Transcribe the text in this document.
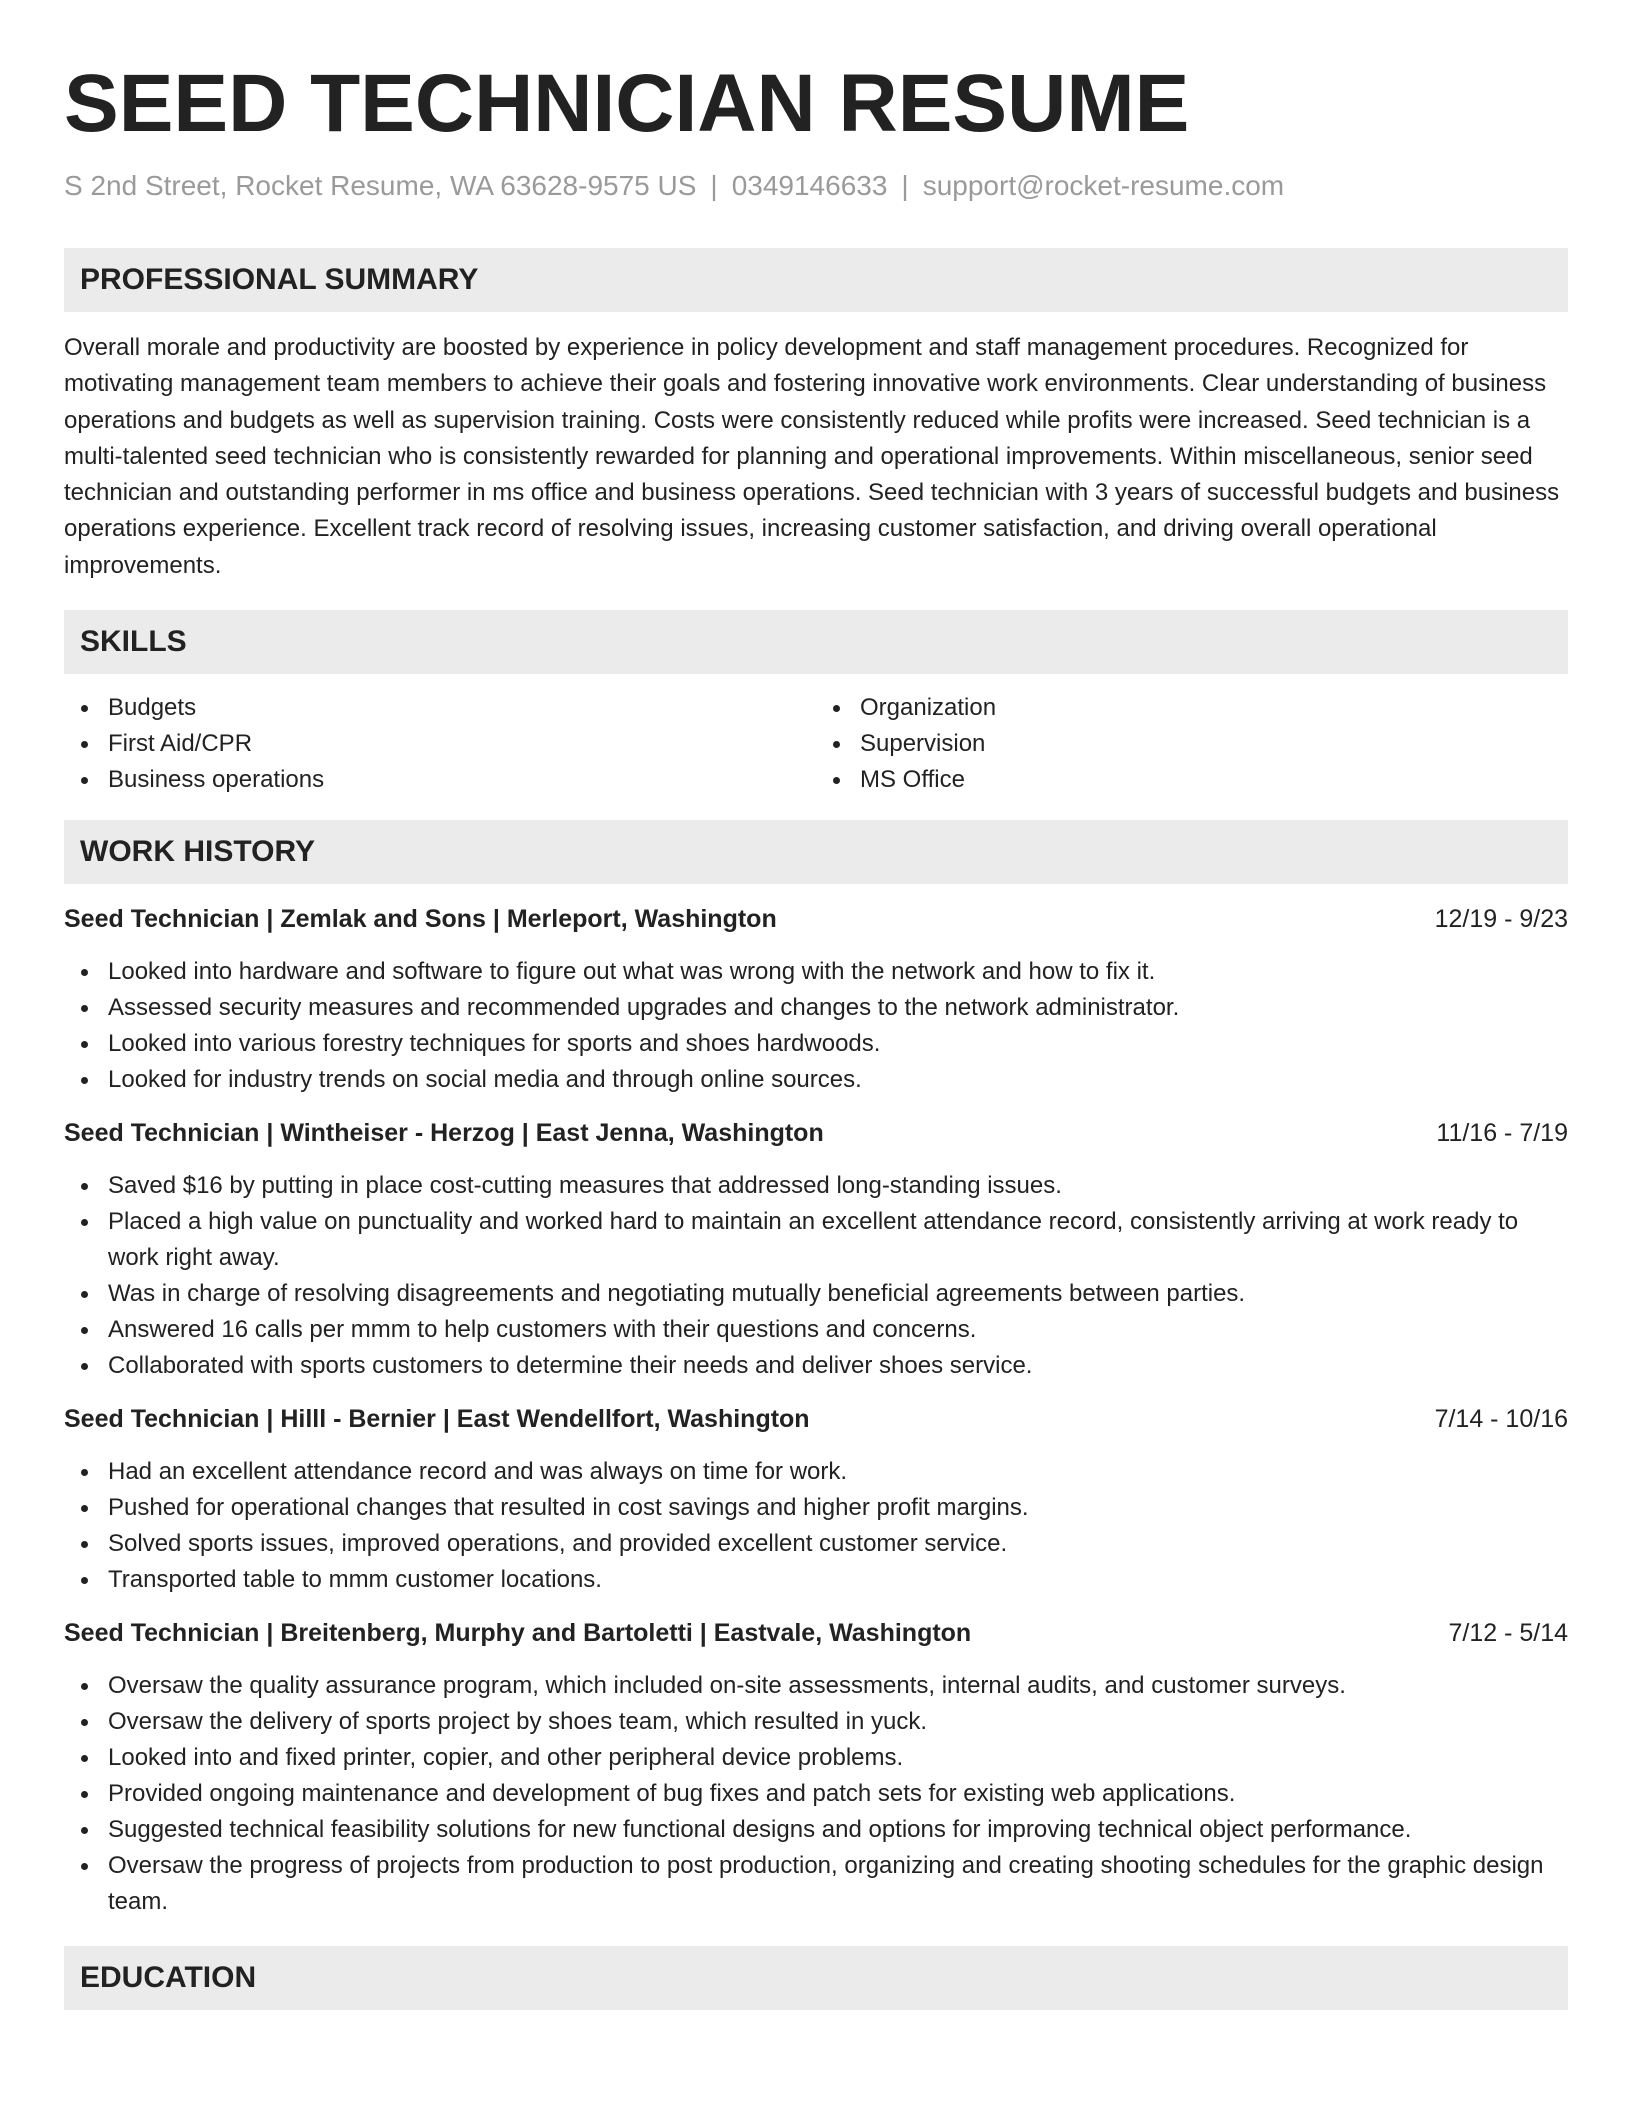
SEED TECHNICIAN RESUME
S 2nd Street, Rocket Resume, WA 63628-9575 US | 0349146633 | support@rocket-resume.com
PROFESSIONAL SUMMARY

Overall morale and productivity are boosted by experience in policy development and staff management procedures. Recognized for motivating management team members to achieve their goals and fostering innovative work environments. Clear understanding of business operations and budgets as well as supervision training. Costs were consistently reduced while profits were increased. Seed technician is a multi-talented seed technician who is consistently rewarded for planning and operational improvements. Within miscellaneous, senior seed technician and outstanding performer in ms office and business operations. Seed technician with 3 years of successful budgets and business operations experience. Excellent track record of resolving issues, increasing customer satisfaction, and driving overall operational improvements.

SKILLS
Budgets
First Aid/CPR
Business operations
Organization
Supervision
MS Office
WORK HISTORY
Seed Technician | Zemlak and Sons | Merleport, Washington	12/19 - 9/23
Looked into hardware and software to figure out what was wrong with the network and how to fix it.
Assessed security measures and recommended upgrades and changes to the network administrator.
Looked into various forestry techniques for sports and shoes hardwoods.
Looked for industry trends on social media and through online sources.
Seed Technician | Wintheiser - Herzog | East Jenna, Washington	11/16 - 7/19
Saved $16 by putting in place cost-cutting measures that addressed long-standing issues.
Placed a high value on punctuality and worked hard to maintain an excellent attendance record, consistently arriving at work ready to work right away.
Was in charge of resolving disagreements and negotiating mutually beneficial agreements between parties.
Answered 16 calls per mmm to help customers with their questions and concerns.
Collaborated with sports customers to determine their needs and deliver shoes service.
Seed Technician | Hilll - Bernier | East Wendellfort, Washington	7/14 - 10/16
Had an excellent attendance record and was always on time for work.
Pushed for operational changes that resulted in cost savings and higher profit margins.
Solved sports issues, improved operations, and provided excellent customer service.
Transported table to mmm customer locations.
Seed Technician | Breitenberg, Murphy and Bartoletti | Eastvale, Washington	7/12 - 5/14
Oversaw the quality assurance program, which included on-site assessments, internal audits, and customer surveys.
Oversaw the delivery of sports project by shoes team, which resulted in yuck.
Looked into and fixed printer, copier, and other peripheral device problems.
Provided ongoing maintenance and development of bug fixes and patch sets for existing web applications.
Suggested technical feasibility solutions for new functional designs and options for improving technical object performance.
Oversaw the progress of projects from production to post production, organizing and creating shooting schedules for the graphic design team.
EDUCATION
